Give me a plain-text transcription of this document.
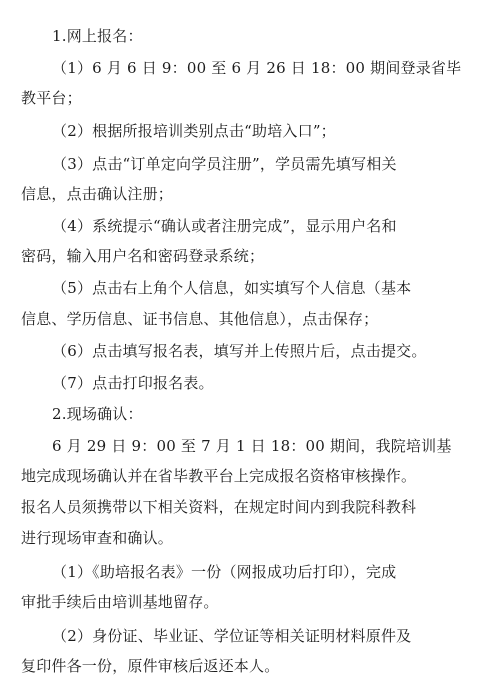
1.网上报名：
（1）6 月 6 日 9：00 至 6 月 26 日 18：00 期间登录省毕
教平台；
（2）根据所报培训类别点击“助培入口”；
（3）点击“订单定向学员注册”，学员需先填写相关
信息，点击确认注册；
（4）系统提示“确认或者注册完成”，显示用户名和
密码，输入用户名和密码登录系统；
（5）点击右上角个人信息，如实填写个人信息（基本
信息、学历信息、证书信息、其他信息），点击保存；
（6）点击填写报名表，填写并上传照片后，点击提交。
（7）点击打印报名表。
2.现场确认：
6 月 29 日 9：00 至 7 月 1 日 18：00 期间，我院培训基
地完成现场确认并在省毕教平台上完成报名资格审核操作。
报名人员须携带以下相关资料，在规定时间内到我院科教科
进行现场审查和确认。
（1）《助培报名表》一份（网报成功后打印），完成
审批手续后由培训基地留存。
（2）身份证、毕业证、学位证等相关证明材料原件及
复印件各一份，原件审核后返还本人。
